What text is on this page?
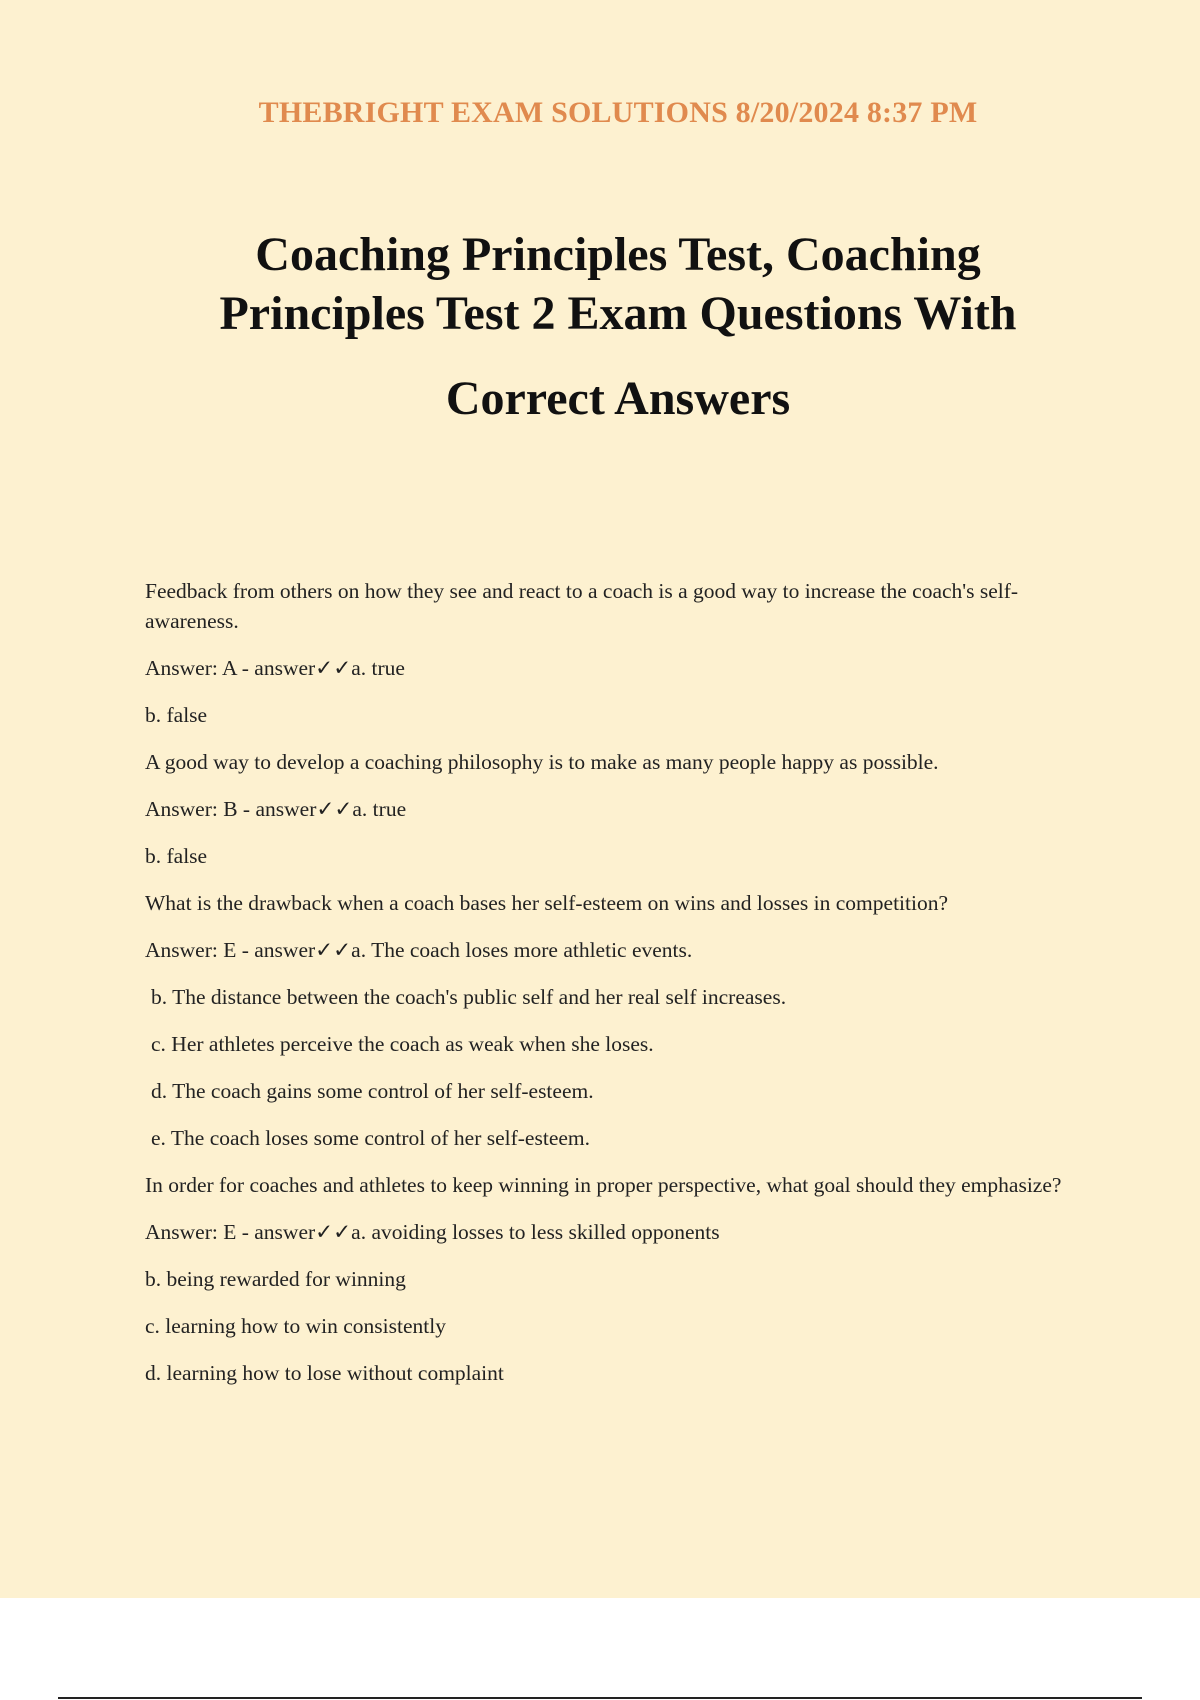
THEBRIGHT EXAM SOLUTIONS 8/20/2024 8:37 PM
Coaching Principles Test, Coaching
Principles Test 2 Exam Questions With
Correct Answers

Feedback from others on how they see and react to a coach is a good way to increase the coach's self-awareness.

Answer: A - answer✓✓a. true

b. false

A good way to develop a coaching philosophy is to make as many people happy as possible.

Answer: B - answer✓✓a. true

b. false

What is the drawback when a coach bases her self-esteem on wins and losses in competition?

Answer: E - answer✓✓a. The coach loses more athletic events.

b. The distance between the coach's public self and her real self increases.

c. Her athletes perceive the coach as weak when she loses.

d. The coach gains some control of her self-esteem.

e. The coach loses some control of her self-esteem.

In order for coaches and athletes to keep winning in proper perspective, what goal should they emphasize?

Answer: E - answer✓✓a. avoiding losses to less skilled opponents

b. being rewarded for winning

c. learning how to win consistently

d. learning how to lose without complaint
